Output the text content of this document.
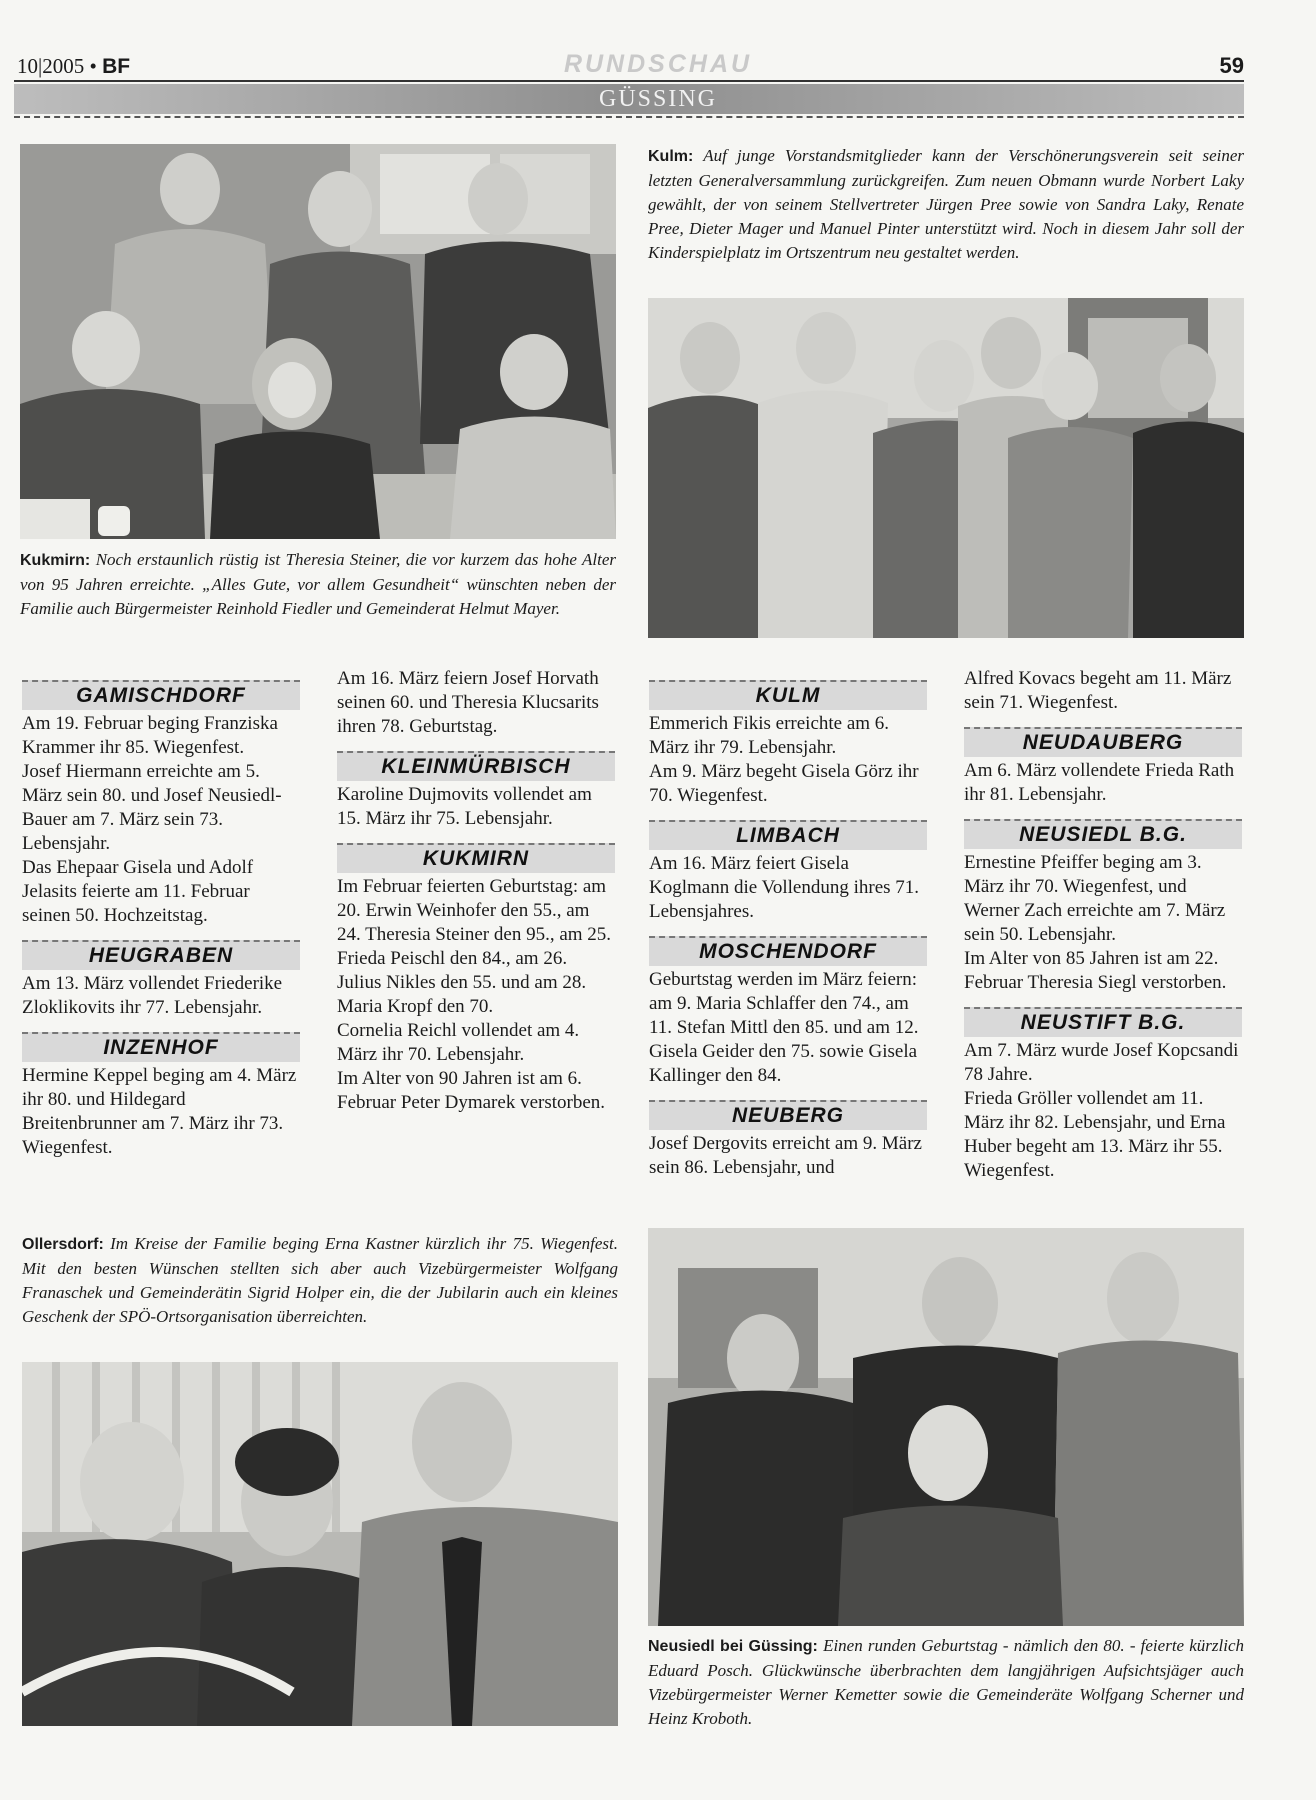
10|2005 • BF	RUNDSCHAU	59
GÜSSING
Kukmirn: Noch erstaunlich rüstig ist Theresia Steiner, die vor kurzem das hohe Alter von 95 Jahren erreichte. „Alles Gute, vor allem Gesundheit“ wünschten neben der Familie auch Bürgermeister Reinhold Fiedler und Gemeinderat Helmut Mayer.
Kulm: Auf junge Vorstandsmitglieder kann der Verschönerungsverein seit seiner letzten Generalversammlung zurückgreifen. Zum neuen Obmann wurde Norbert Laky gewählt, der von seinem Stellvertreter Jürgen Pree sowie von Sandra Laky, Renate Pree, Dieter Mager und Manuel Pinter unterstützt wird. Noch in diesem Jahr soll der Kinderspielplatz im Ortszentrum neu gestaltet werden.
GAMISCHDORF

Am 19. Februar beging Franziska Krammer ihr 85. Wiegenfest.

Josef Hiermann erreichte am 5. März sein 80. und Josef Neusiedl-Bauer am 7. März sein 73. Lebensjahr.

Das Ehepaar Gisela und Adolf Jelasits feierte am 11. Februar seinen 50. Hochzeitstag.

HEUGRABEN

Am 13. März vollendet Friederike Zloklikovits ihr 77. Lebensjahr.

INZENHOF

Hermine Keppel beging am 4. März ihr 80. und Hildegard Breitenbrunner am 7. März ihr 73. Wiegenfest.

Am 16. März feiern Josef Horvath seinen 60. und Theresia Klucsarits ihren 78. Geburtstag.

KLEINMÜRBISCH

Karoline Dujmovits vollendet am 15. März ihr 75. Lebensjahr.

KUKMIRN

Im Februar feierten Geburtstag: am 20. Erwin Weinhofer den 55., am 24. Theresia Steiner den 95., am 25. Frieda Peischl den 84., am 26. Julius Nikles den 55. und am 28. Maria Kropf den 70.

Cornelia Reichl vollendet am 4. März ihr 70. Lebensjahr.

Im Alter von 90 Jahren ist am 6. Februar Peter Dymarek verstorben.

KULM

Emmerich Fikis erreichte am 6. März ihr 79. Lebensjahr.

Am 9. März begeht Gisela Görz ihr 70. Wiegenfest.

LIMBACH

Am 16. März feiert Gisela Koglmann die Vollendung ihres 71. Lebensjahres.

MOSCHENDORF

Geburtstag werden im März feiern: am 9. Maria Schlaffer den 74., am 11. Stefan Mittl den 85. und am 12. Gisela Geider den 75. sowie Gisela Kallinger den 84.

NEUBERG

Josef Dergovits erreicht am 9. März sein 86. Lebensjahr, und

Alfred Kovacs begeht am 11. März sein 71. Wiegenfest.

NEUDAUBERG

Am 6. März vollendete Frieda Rath ihr 81. Lebensjahr.

NEUSIEDL B.G.

Ernestine Pfeiffer beging am 3. März ihr 70. Wiegenfest, und Werner Zach erreichte am 7. März sein 50. Lebensjahr.

Im Alter von 85 Jahren ist am 22. Februar Theresia Siegl verstorben.

NEUSTIFT B.G.

Am 7. März wurde Josef Kopcsandi 78 Jahre.

Frieda Gröller vollendet am 11. März ihr 82. Lebensjahr, und Erna Huber begeht am 13. März ihr 55. Wiegenfest.

Ollersdorf: Im Kreise der Familie beging Erna Kastner kürzlich ihr 75. Wiegenfest. Mit den besten Wünschen stellten sich aber auch Vizebürgermeister Wolfgang Franaschek und Gemeinderätin Sigrid Holper ein, die der Jubilarin auch ein kleines Geschenk der SPÖ-Ortsorganisation überreichten.
Neusiedl bei Güssing: Einen runden Geburtstag - nämlich den 80. - feierte kürzlich Eduard Posch. Glückwünsche überbrachten dem langjährigen Aufsichtsjäger auch Vizebürgermeister Werner Kemetter sowie die Gemeinderäte Wolfgang Scherner und Heinz Kroboth.
